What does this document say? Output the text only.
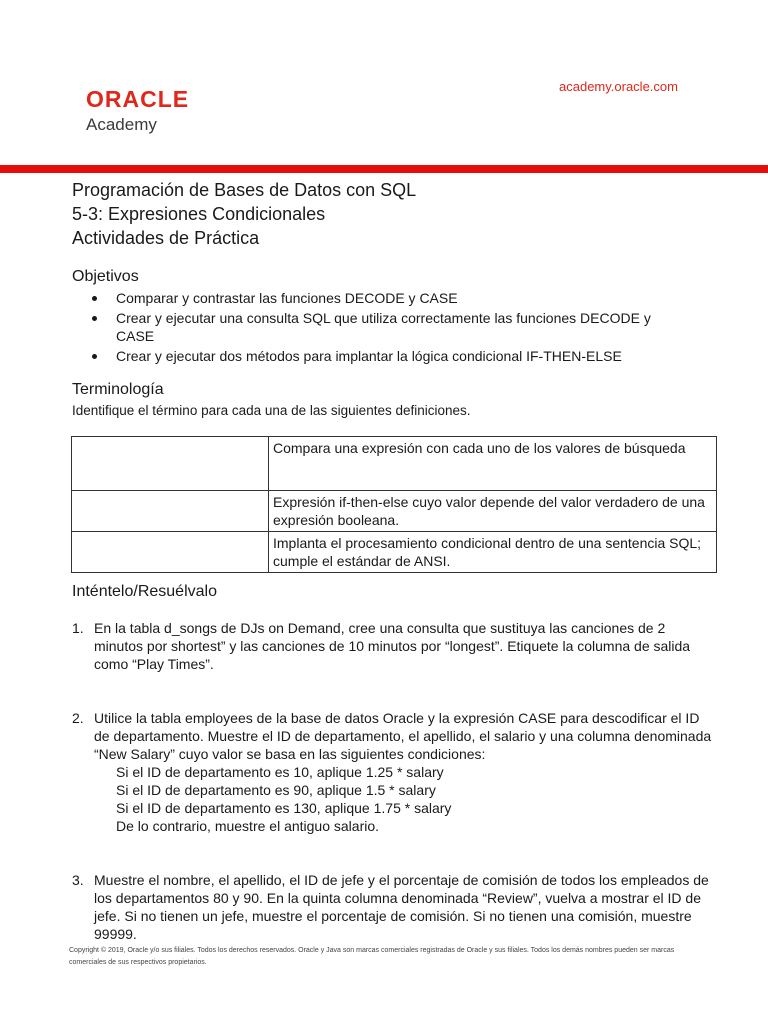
ORACLE
Academy
academy.oracle.com
Programación de Bases de Datos con SQL
5-3: Expresiones Condicionales
Actividades de Práctica
Objetivos
Comparar y contrastar las funciones DECODE y CASE
Crear y ejecutar una consulta SQL que utiliza correctamente las funciones DECODE y CASE
Crear y ejecutar dos métodos para implantar la lógica condicional IF-THEN-ELSE
Terminología
Identifique el término para cada una de las siguientes definiciones.
	Compara una expresión con cada uno de los valores de búsqueda
	Expresión if-then-else cuyo valor depende del valor verdadero de una expresión booleana.
	Implanta el procesamiento condicional dentro de una sentencia SQL; cumple el estándar de ANSI.
Inténtelo/Resuélvalo
1. En la tabla d_songs de DJs on Demand, cree una consulta que sustituya las canciones de 2 minutos por shortest” y las canciones de 10 minutos por “longest”. Etiquete la columna de salida como “Play Times”.
2. Utilice la tabla employees de la base de datos Oracle y la expresión CASE para descodificar el ID de departamento. Muestre el ID de departamento, el apellido, el salario y una columna denominada “New Salary” cuyo valor se basa en las siguientes condiciones:
Si el ID de departamento es 10, aplique 1.25 * salary
Si el ID de departamento es 90, aplique 1.5 * salary
Si el ID de departamento es 130, aplique 1.75 * salary
De lo contrario, muestre el antiguo salario.
3. Muestre el nombre, el apellido, el ID de jefe y el porcentaje de comisión de todos los empleados de los departamentos 80 y 90. En la quinta columna denominada “Review”, vuelva a mostrar el ID de jefe. Si no tienen un jefe, muestre el porcentaje de comisión. Si no tienen una comisión, muestre 99999.
Copyright © 2019, Oracle y/o sus filiales. Todos los derechos reservados. Oracle y Java son marcas comerciales registradas de Oracle y sus filiales. Todos los demás nombres pueden ser marcas comerciales de sus respectivos propietarios.
